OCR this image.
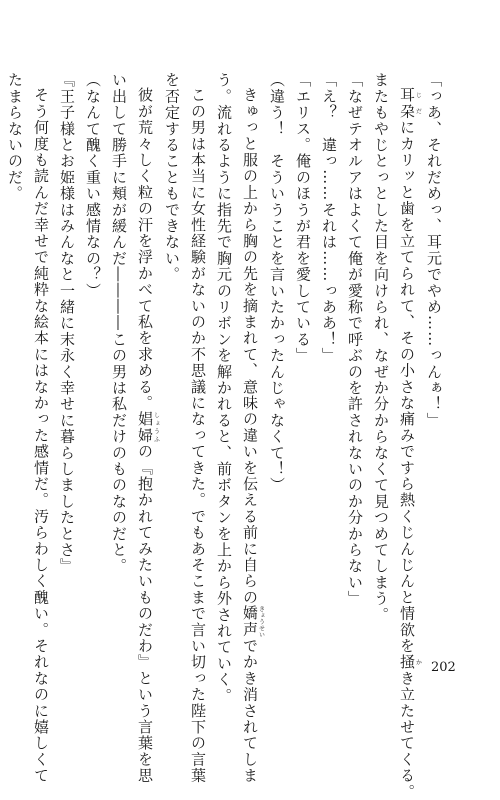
「っあ、それだめっ、耳元でやめ……っんぁ！」

耳朶じだにカリッと歯を立てられて、その小さな痛みですら熱くじんじんと情欲を掻かき立たせてくる。

またもやじとっとした目を向けられ、なぜか分からなくて見つめてしまう。

「なぜテオルアはよくて俺が愛称で呼ぶのを許されないのか分からない」

「え？　違っ……それは……っああ！」

「エリス。俺のほうが君を愛している」

（違う！　そういうことを言いたかったんじゃなくて！）

きゅっと服の上から胸の先を摘まれて、意味の違いを伝える前に自らの嬌声きょうせいでかき消されてしま

う。流れるように指先で胸元のリボンを解かれると、前ボタンを上から外されていく。

この男は本当に女性経験がないのか不思議になってきた。でもあそこまで言い切った陛下の言葉

を否定することもできない。

彼が荒々しく粒の汗を浮かべて私を求める。娼婦しょうふの『抱かれてみたいものだわ』という言葉を思

い出して勝手に頬が緩んだ――――この男は私だけのものなのだと。

（なんて醜く重い感情なの？）

『王子様とお姫様はみんなと一緒に末永く幸せに暮らしましたとさ』

そう何度も読んだ幸せで純粋な絵本にはなかった感情だ。汚らわしく醜い。それなのに嬉しくて

たまらないのだ。

202
